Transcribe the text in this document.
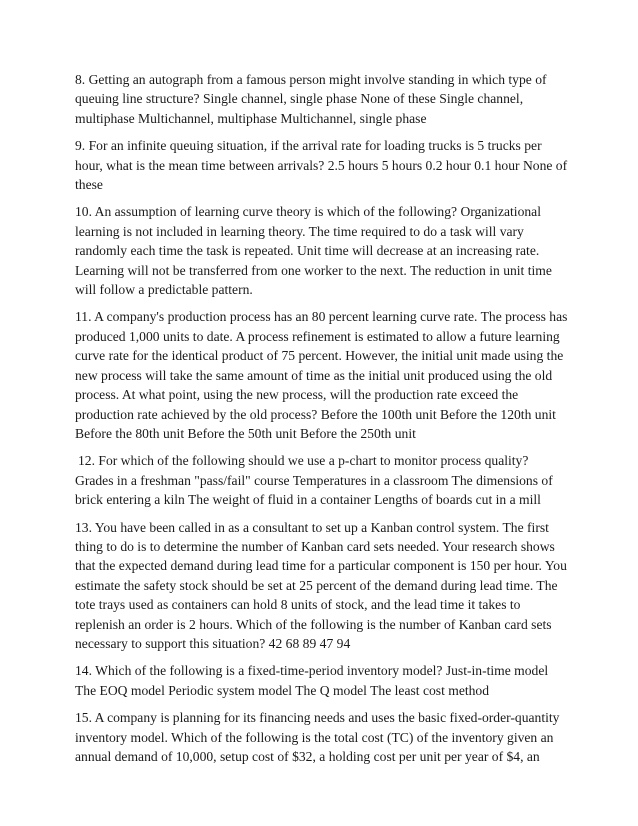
8. Getting an autograph from a famous person might involve standing in which type of queuing line structure? Single channel, single phase None of these Single channel, multiphase Multichannel, multiphase Multichannel, single phase

9. For an infinite queuing situation, if the arrival rate for loading trucks is 5 trucks per hour, what is the mean time between arrivals? 2.5 hours 5 hours 0.2 hour 0.1 hour None of these

10. An assumption of learning curve theory is which of the following? Organizational learning is not included in learning theory. The time required to do a task will vary randomly each time the task is repeated. Unit time will decrease at an increasing rate. Learning will not be transferred from one worker to the next. The reduction in unit time will follow a predictable pattern.

11. A company's production process has an 80 percent learning curve rate. The process has produced 1,000 units to date. A process refinement is estimated to allow a future learning curve rate for the identical product of 75 percent. However, the initial unit made using the new process will take the same amount of time as the initial unit produced using the old process. At what point, using the new process, will the production rate exceed the production rate achieved by the old process? Before the 100th unit Before the 120th unit Before the 80th unit Before the 50th unit Before the 250th unit

12. For which of the following should we use a p-chart to monitor process quality? Grades in a freshman "pass/fail" course Temperatures in a classroom The dimensions of brick entering a kiln The weight of fluid in a container Lengths of boards cut in a mill

13. You have been called in as a consultant to set up a Kanban control system. The first thing to do is to determine the number of Kanban card sets needed. Your research shows that the expected demand during lead time for a particular component is 150 per hour. You estimate the safety stock should be set at 25 percent of the demand during lead time. The tote trays used as containers can hold 8 units of stock, and the lead time it takes to replenish an order is 2 hours. Which of the following is the number of Kanban card sets necessary to support this situation? 42 68 89 47 94

14. Which of the following is a fixed-time-period inventory model? Just-in-time model The EOQ model Periodic system model The Q model The least cost method

15. A company is planning for its financing needs and uses the basic fixed-order-quantity inventory model. Which of the following is the total cost (TC) of the inventory given an annual demand of 10,000, setup cost of $32, a holding cost per unit per year of $4, an
